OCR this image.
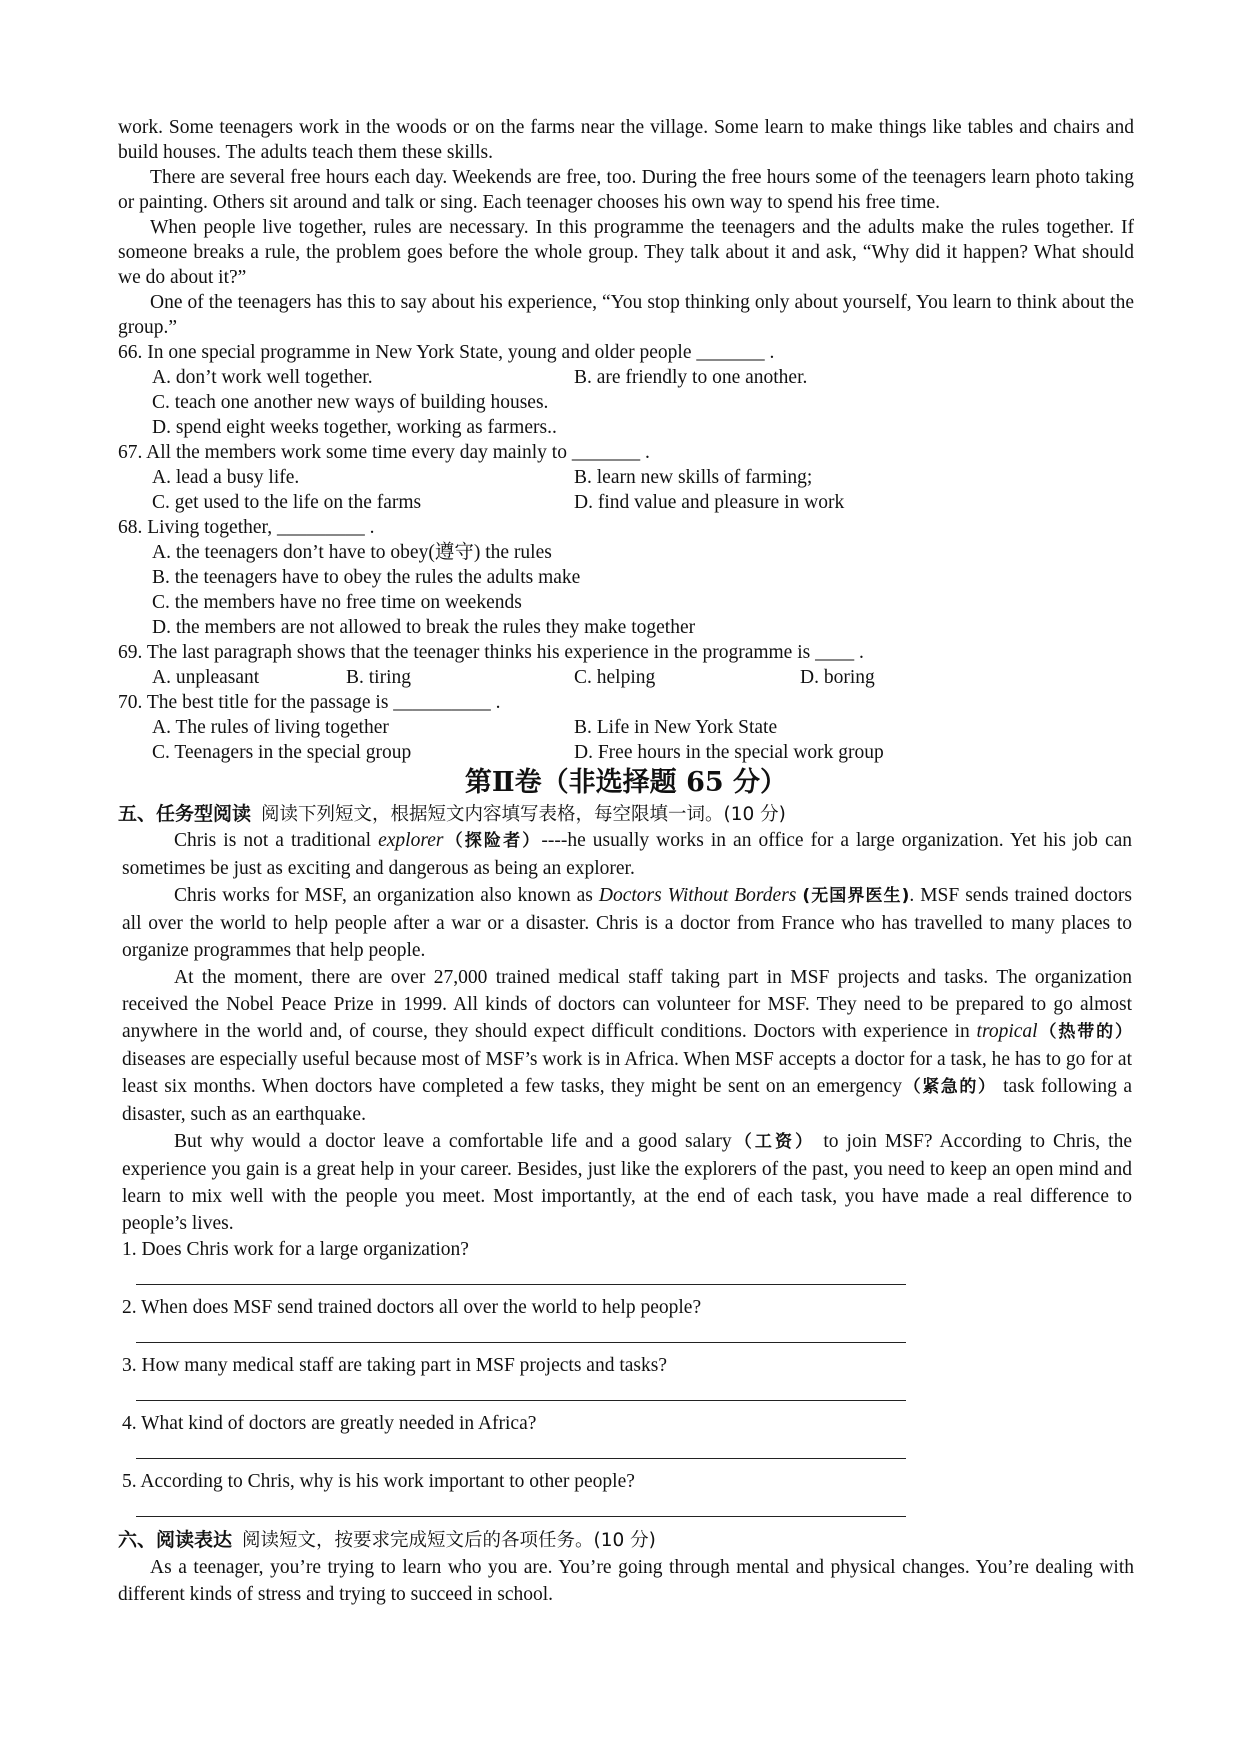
work. Some teenagers work in the woods or on the farms near the village. Some learn to make things like tables and chairs and build houses. The adults teach them these skills.

There are several free hours each day. Weekends are free, too. During the free hours some of the teenagers learn photo taking or painting. Others sit around and talk or sing. Each teenager chooses his own way to spend his free time.

When people live together, rules are necessary. In this programme the teenagers and the adults make the rules together. If someone breaks a rule, the problem goes before the whole group. They talk about it and ask, “Why did it happen? What should we do about it?”

One of the teenagers has this to say about his experience, “You stop thinking only about yourself, You learn to think about the group.”

66. In one special programme in New York State, young and older people _______ .

A. don’t work well together.	B. are friendly to one another.

C. teach one another new ways of building houses.

D. spend eight weeks together, working as farmers..

67. All the members work some time every day mainly to _______ .

A. lead a busy life.	B. learn new skills of farming;
C. get used to the life on the farms	D. find value and pleasure in work

68. Living together, _________ .

A. the teenagers don’t have to obey(遵守) the rules

B. the teenagers have to obey the rules the adults make

C. the members have no free time on weekends

D. the members are not allowed to break the rules they make together

69. The last paragraph shows that the teenager thinks his experience in the programme is ____ .

A. unpleasant	B. tiring	C. helping	D. boring

70. The best title for the passage is __________ .

A. The rules of living together	B. Life in New York State
C. Teenagers in the special group	D. Free hours in the special work group

第Ⅱ卷（非选择题 65 分）

五、任务型阅读 阅读下列短文，根据短文内容填写表格，每空限填一词。(10 分)

Chris is not a traditional explorer（探险者）----he usually works in an office for a large organization. Yet his job can sometimes be just as exciting and dangerous as being an explorer.

Chris works for MSF, an organization also known as Doctors Without Borders (无国界医生). MSF sends trained doctors all over the world to help people after a war or a disaster. Chris is a doctor from France who has travelled to many places to organize programmes that help people.

At the moment, there are over 27,000 trained medical staff taking part in MSF projects and tasks. The organization received the Nobel Peace Prize in 1999. All kinds of doctors can volunteer for MSF. They need to be prepared to go almost anywhere in the world and, of course, they should expect difficult conditions. Doctors with experience in tropical（热带的）diseases are especially useful because most of MSF’s work is in Africa. When MSF accepts a doctor for a task, he has to go for at least six months. When doctors have completed a few tasks, they might be sent on an emergency（紧急的） task following a disaster, such as an earthquake.

But why would a doctor leave a comfortable life and a good salary（工资） to join MSF? According to Chris, the experience you gain is a great help in your career. Besides, just like the explorers of the past, you need to keep an open mind and learn to mix well with the people you meet. Most importantly, at the end of each task, you have made a real difference to people’s lives.

1. Does Chris work for a large organization?

2. When does MSF send trained doctors all over the world to help people?

3. How many medical staff are taking part in MSF projects and tasks?

4. What kind of doctors are greatly needed in Africa?

5. According to Chris, why is his work important to other people?

六、阅读表达 阅读短文，按要求完成短文后的各项任务。(10 分)

As a teenager, you’re trying to learn who you are. You’re going through mental and physical changes. You’re dealing with different kinds of stress and trying to succeed in school.
